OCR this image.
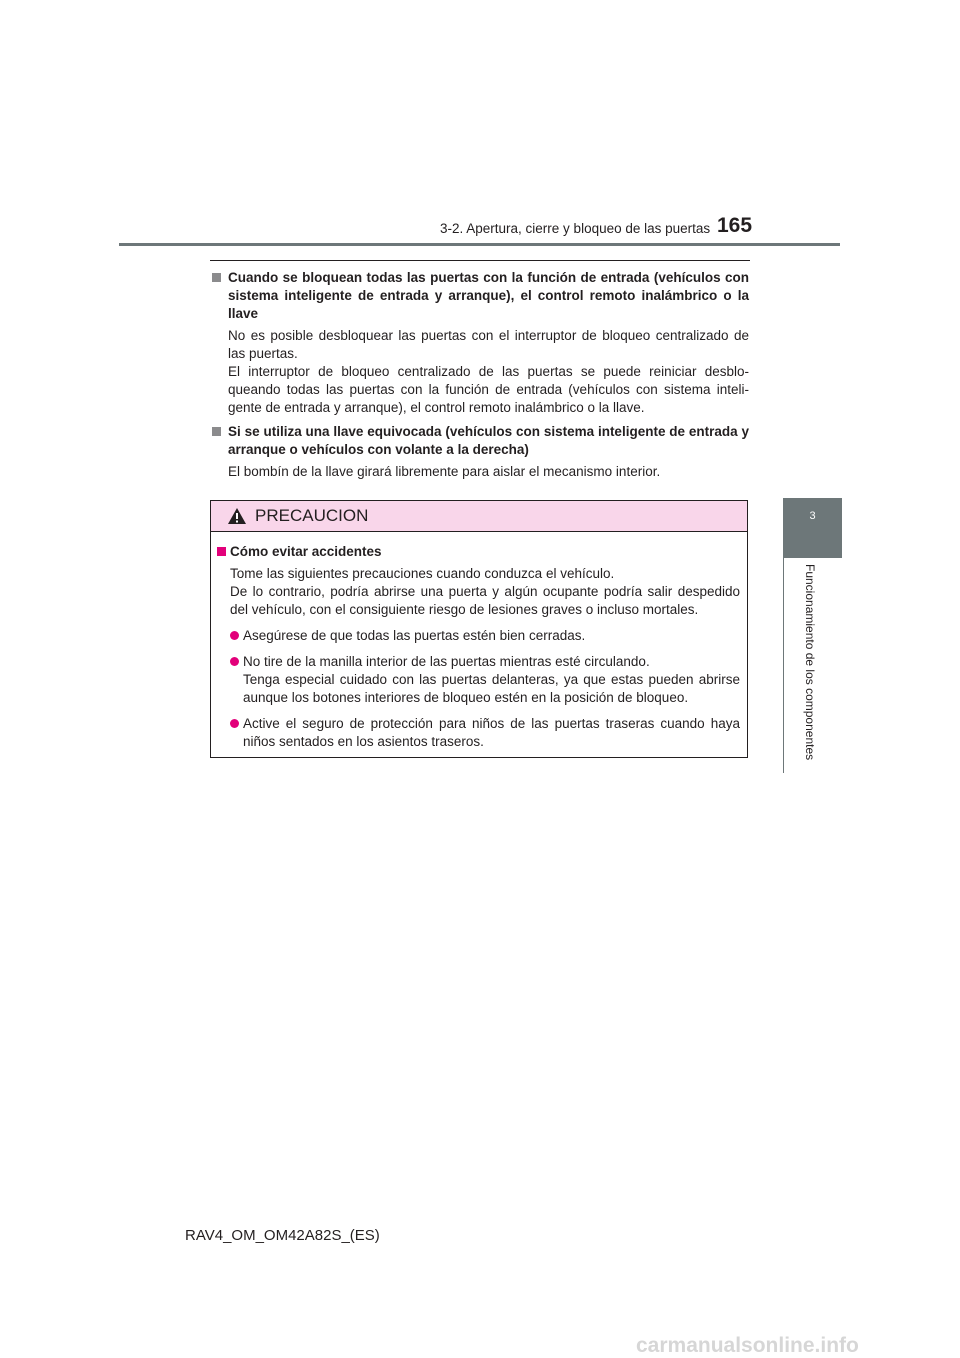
3-2. Apertura, cierre y bloqueo de las puertas 165
3
Funcionamiento de los componentes
Cuando se bloquean todas las puertas con la función de entrada (vehículos con sistema inteligente de entrada y arranque), el control remoto inalámbrico o la llave

No es posible desbloquear las puertas con el interruptor de bloqueo centralizado de las puertas.

El interruptor de bloqueo centralizado de las puertas se puede reiniciar desblo-queando todas las puertas con la función de entrada (vehículos con sistema inteli-gente de entrada y arranque), el control remoto inalámbrico o la llave.

Si se utiliza una llave equivocada (vehículos con sistema inteligente de entrada y arranque o vehículos con volante a la derecha)

El bombín de la llave girará libremente para aislar el mecanismo interior.

PRECAUCION
Cómo evitar accidentes

Tome las siguientes precauciones cuando conduzca el vehículo.

De lo contrario, podría abrirse una puerta y algún ocupante podría salir despedido del vehículo, con el consiguiente riesgo de lesiones graves o incluso mortales.

Asegúrese de que todas las puertas estén bien cerradas.

No tire de la manilla interior de las puertas mientras esté circulando.

Tenga especial cuidado con las puertas delanteras, ya que estas pueden abrirse aunque los botones interiores de bloqueo estén en la posición de bloqueo.

Active el seguro de protección para niños de las puertas traseras cuando haya niños sentados en los asientos traseros.

RAV4_OM_OM42A82S_(ES)
carmanualsonline.info
